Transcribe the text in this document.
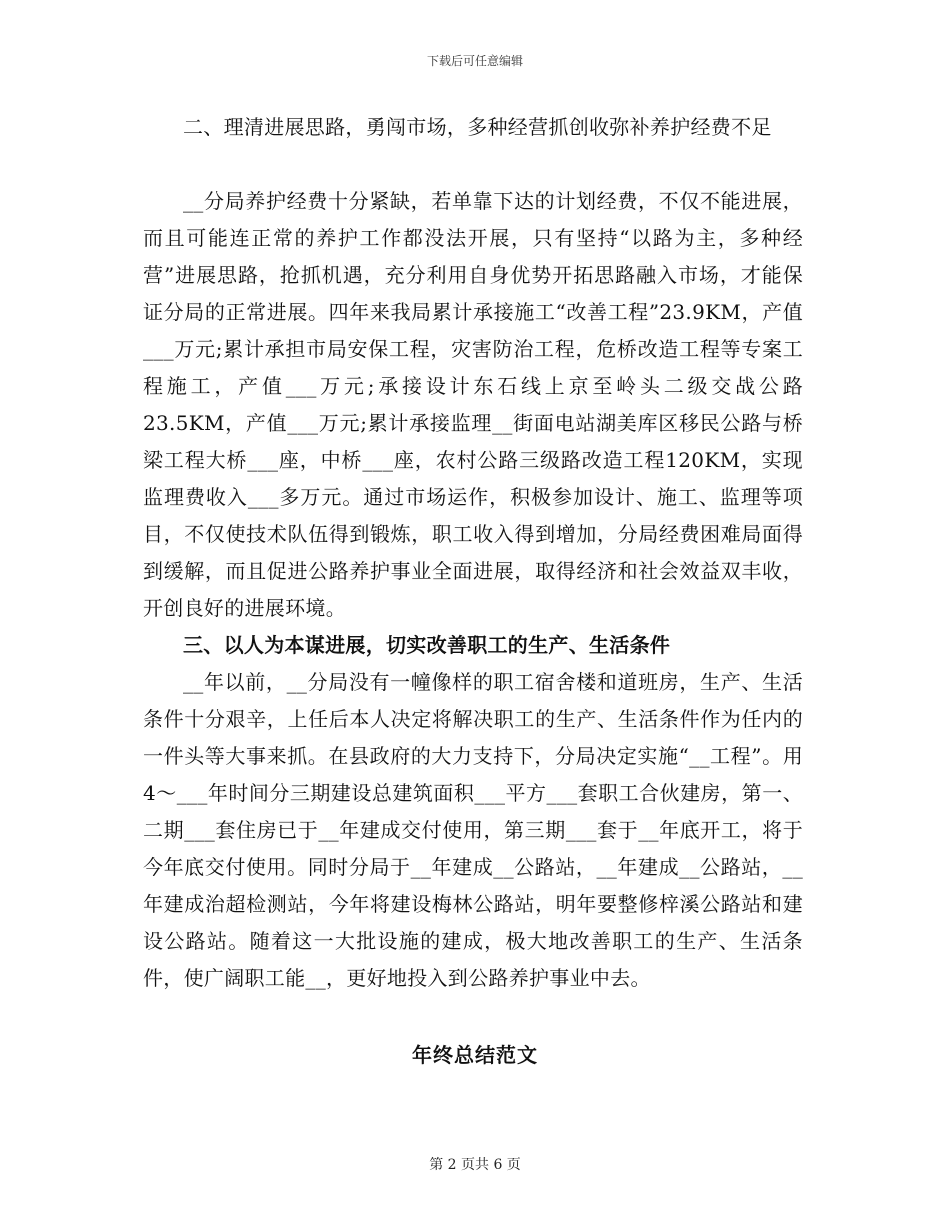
下载后可任意编辑

二、理清进展思路，勇闯市场，多种经营抓创收弥补养护经费不足

__分局养护经费十分紧缺，若单靠下达的计划经费，不仅不能进展，而且可能连正常的养护工作都没法开展，只有坚持“以路为主，多种经营”进展思路，抢抓机遇，充分利用自身优势开拓思路融入市场，才能保证分局的正常进展。四年来我局累计承接施工“改善工程”23.9KM，产值___万元;累计承担市局安保工程，灾害防治工程，危桥改造工程等专案工程施工，产值___万元;承接设计东石线上京至岭头二级交战公路23.5KM，产值___万元;累计承接监理__街面电站湖美库区移民公路与桥梁工程大桥___座，中桥___座，农村公路三级路改造工程120KM，实现监理费收入___多万元。通过市场运作，积极参加设计、施工、监理等项目，不仅使技术队伍得到锻炼，职工收入得到增加，分局经费困难局面得到缓解，而且促进公路养护事业全面进展，取得经济和社会效益双丰收，开创良好的进展环境。

三、以人为本谋进展，切实改善职工的生产、生活条件

__年以前，__分局没有一幢像样的职工宿舍楼和道班房，生产、生活条件十分艰辛，上任后本人决定将解决职工的生产、生活条件作为任内的一件头等大事来抓。在县政府的大力支持下，分局决定实施“__工程”。用4～___年时间分三期建设总建筑面积___平方___套职工合伙建房，第一、二期___套住房已于__年建成交付使用，第三期___套于__年底开工，将于今年底交付使用。同时分局于__年建成__公路站，__年建成__公路站，__年建成治超检测站，今年将建设梅林公路站，明年要整修梓溪公路站和建设公路站。随着这一大批设施的建成，极大地改善职工的生产、生活条件，使广阔职工能__，更好地投入到公路养护事业中去。

年终总结范文
第 2 页共 6 页
